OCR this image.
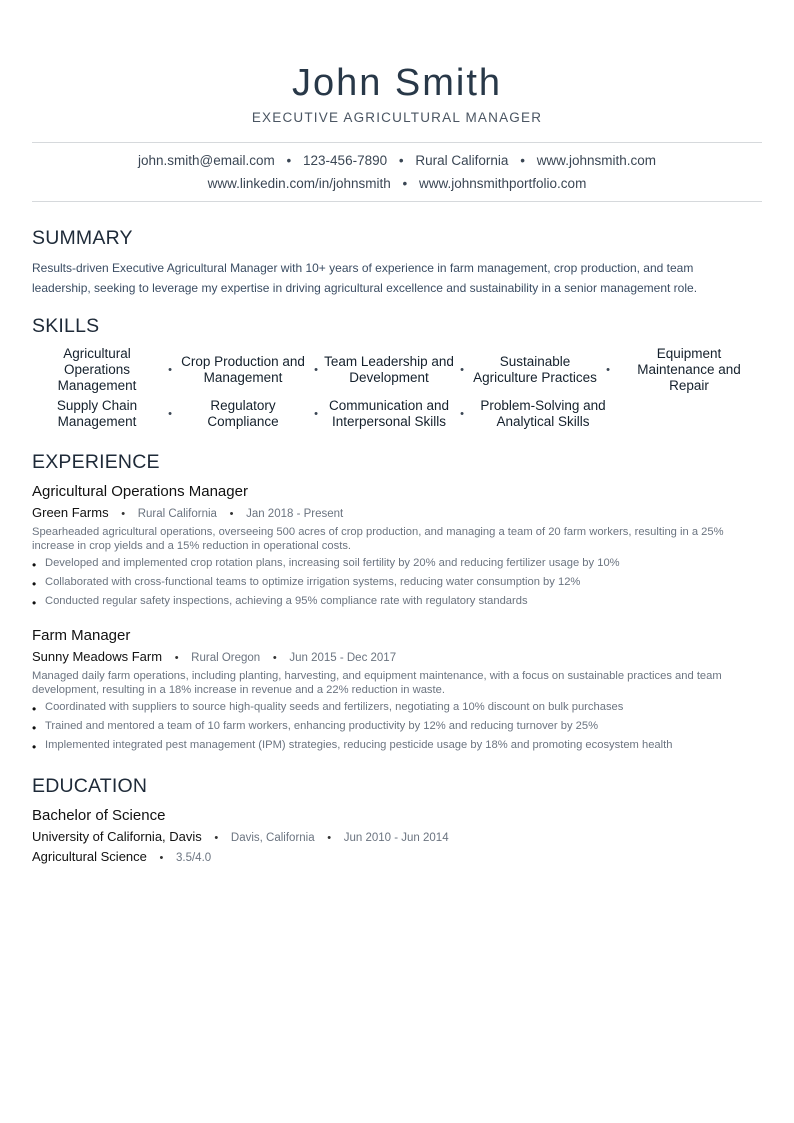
John Smith
EXECUTIVE AGRICULTURAL MANAGER
john.smith@email.com • 123-456-7890 • Rural California • www.johnsmith.com
www.linkedin.com/in/johnsmith • www.johnsmithportfolio.com
SUMMARY
Results-driven Executive Agricultural Manager with 10+ years of experience in farm management, crop production, and team leadership, seeking to leverage my expertise in driving agricultural excellence and sustainability in a senior management role.
SKILLS
Agricultural Operations Management
•
Crop Production and Management	•
Team Leadership and Development	•
Sustainable Agriculture Practices •
Equipment Maintenance and Repair
Supply Chain Management	•
Regulatory Compliance	•
Communication and Interpersonal Skills	•
Problem-Solving and Analytical Skills
EXPERIENCE
Agricultural Operations Manager
Green Farms • Rural California • Jan 2018 - Present
Spearheaded agricultural operations, overseeing 500 acres of crop production, and managing a team of 20 farm workers, resulting in a 25% increase in crop yields and a 15% reduction in operational costs.
• Developed and implemented crop rotation plans, increasing soil fertility by 20% and reducing fertilizer usage by 10%
• Collaborated with cross-functional teams to optimize irrigation systems, reducing water consumption by 12%
• Conducted regular safety inspections, achieving a 95% compliance rate with regulatory standards
Farm Manager
Sunny Meadows Farm • Rural Oregon • Jun 2015 - Dec 2017
Managed daily farm operations, including planting, harvesting, and equipment maintenance, with a focus on sustainable practices and team development, resulting in a 18% increase in revenue and a 22% reduction in waste.
• Coordinated with suppliers to source high-quality seeds and fertilizers, negotiating a 10% discount on bulk purchases
• Trained and mentored a team of 10 farm workers, enhancing productivity by 12% and reducing turnover by 25%
• Implemented integrated pest management (IPM) strategies, reducing pesticide usage by 18% and promoting ecosystem health
EDUCATION
Bachelor of Science
University of California, Davis • Davis, California • Jun 2010 - Jun 2014
Agricultural Science • 3.5/4.0
